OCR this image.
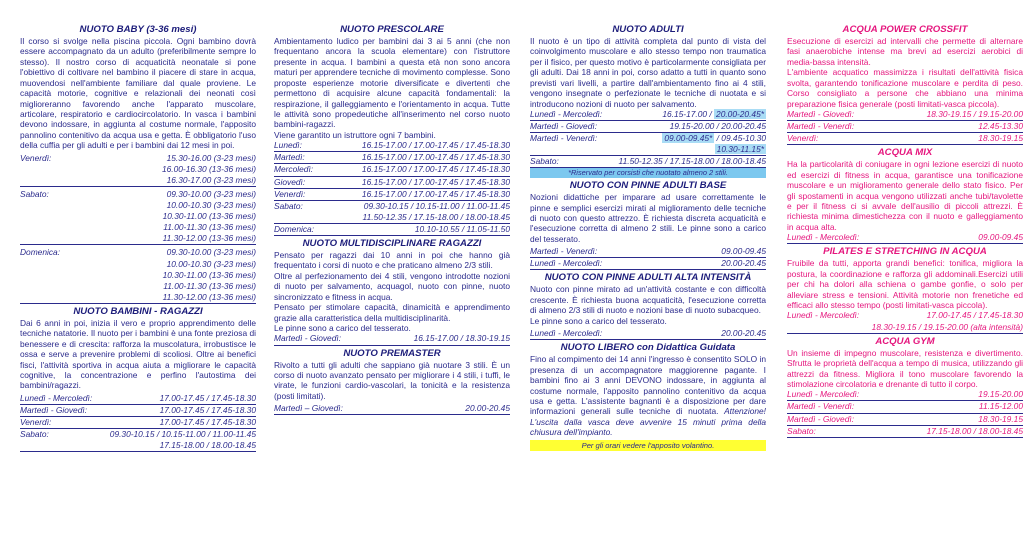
NUOTO BABY (3-36 mesi)

Il corso si svolge nella piscina piccola. Ogni bambino dovrà essere accompagnato da un adulto (preferibilmente sempre lo stesso). Il nostro corso di acquaticità neonatale si pone l'obiettivo di coltivare nel bambino il piacere di stare in acqua, muovendosi nell'ambiente familiare dal quale proviene. Le capacità motorie, cognitive e relazionali dei neonati così miglioreranno favorendo anche l'apparato muscolare, articolare, respiratorio e cardiocircolatorio. In vasca i bambini devono indossare, in aggiunta al costume normale, l'apposito pannolino contenitivo da acqua usa e getta. È obbligatorio l'uso della cuffia per gli adulti e per i bambini dai 12 mesi in poi.

Venerdì:	15.30-16.00 (3-23 mesi)
16.00-16.30 (13-36 mesi)
16.30-17.00 (3-23 mesi)
Sabato:	09.30-10.00 (3-23 mesi)
10.00-10.30 (3-23 mesi)
10.30-11.00 (13-36 mesi)
11.00-11.30 (13-36 mesi)
11.30-12.00 (13-36 mesi)
Domenica:	09.30-10.00 (3-23 mesi)
10.00-10.30 (3-23 mesi)
10.30-11.00 (13-36 mesi)
11.00-11.30 (13-36 mesi)
11.30-12.00 (13-36 mesi)
NUOTO BAMBINI - RAGAZZI

Dai 6 anni in poi, inizia il vero e proprio apprendimento delle tecniche natatorie. Il nuoto per i bambini è una fonte preziosa di benessere e di crescita: rafforza la muscolatura, irrobustisce le ossa e serve a prevenire problemi di scoliosi. Oltre ai benefici fisci, l'attività sportiva in acqua aiuta a migliorare le capacità cognitive, la concentrazione e perfino l'autostima dei bambini/ragazzi.

Lunedì - Mercoledì:	17.00-17.45 / 17.45-18.30
Martedì - Giovedì:	17.00-17.45 / 17.45-18.30
Venerdì:	17.00-17.45 / 17.45-18.30
Sabato:	09.30-10.15 / 10.15-11.00 / 11.00-11.45
17.15-18.00 / 18.00-18.45
NUOTO PRESCOLARE

Ambientamento ludico per bambini dai 3 ai 5 anni (che non frequentano ancora la scuola elementare) con l'istruttore presente in acqua. I bambini a questa età non sono ancora maturi per apprendere tecniche di movimento complesse. Sono proposte esperienze motorie diversificate e divertenti che permettono di acquisire alcune capacità fondamentali: la respirazione, il galleggiamento e l'orientamento in acqua. Tutte le attività sono propedeutiche all'inserimento nel corso nuoto bambini-ragazzi.

Viene garantito un istruttore ogni 7 bambini.

Lunedì:	16.15-17.00 / 17.00-17.45 / 17.45-18.30
Martedì:	16.15-17.00 / 17.00-17.45 / 17.45-18.30
Mercoledì:	16.15-17.00 / 17.00-17.45 / 17.45-18.30
Giovedì:	16.15-17.00 / 17.00-17.45 / 17.45-18.30
Venerdì:	16.15-17.00 / 17.00-17.45 / 17.45-18.30
Sabato:	09.30-10.15 / 10.15-11.00 / 11.00-11.45
11.50-12.35 / 17.15-18.00 / 18.00-18.45
Domenica:	10.10-10.55 / 11.05-11.50
NUOTO MULTIDISCIPLINARE RAGAZZI

Pensato per ragazzi dai 10 anni in poi che hanno già frequentato i corsi di nuoto e che praticano almeno 2/3 stili.

Oltre al perfezionamento dei 4 stili, vengono introdotte nozioni di nuoto per salvamento, acquagol, nuoto con pinne, nuoto sincronizzato e fitness in acqua.

Pensato per stimolare capacità, dinamicità e apprendimento grazie alla caratteristica della multidisciplinarità.

Le pinne sono a carico del tesserato.

Martedì - Giovedì:	16.15-17.00 / 18.30-19.15
NUOTO PREMASTER

Rivolto a tutti gli adulti che sappiano già nuotare 3 stili. È un corso di nuoto avanzato pensato per migliorare i 4 stili, i tuffi, le virate, le funzioni cardio-vascolari, la tonicità e la resistenza (posti limitati).

Martedì – Giovedì:	20.00-20.45
NUOTO ADULTI

Il nuoto è un tipo di attività completa dal punto di vista del coinvolgimento muscolare e allo stesso tempo non traumatica per il fisico, per questo motivo è particolarmente consigliata per gli adulti. Dai 18 anni in poi, corso adatto a tutti in quanto sono previsti vari livelli, a partire dall'ambientamento fino ai 4 stili, vengono insegnate o perfezionate le tecniche di nuotata e si introducono nozioni di nuoto per salvamento.

Lunedì - Mercoledì:	16.15-17.00 / 20.00-20.45*
Martedì - Giovedì:	19.15-20.00 / 20.00-20.45
Martedì - Venerdì:	09.00-09.45* / 09.45-10.30
10.30-11.15*
Sabato:	11.50-12.35 / 17.15-18.00 / 18.00-18.45
*Riservato per corsisti che nuotato almeno 2 stili.
NUOTO CON PINNE ADULTI BASE

Nozioni didattiche per imparare ad usare correttamente le pinne e semplici esercizi mirati al miglioramento delle tecniche di nuoto con questo attrezzo. È richiesta discreta acquaticità e l'esecuzione corretta di almeno 2 stili. Le pinne sono a carico del tesserato.

Martedì - Venerdì:	09.00-09.45
Lunedì - Mercoledì:	20.00-20.45
NUOTO CON PINNE ADULTI ALTA INTENSITÀ

Nuoto con pinne mirato ad un'attività costante e con difficoltà crescente. È richiesta buona acquaticità, l'esecuzione corretta di almeno 2/3 stili di nuoto e nozioni base di nuoto subacqueo.

Le pinne sono a carico del tesserato.

Lunedì - Mercoledì:	20.00-20.45
NUOTO LIBERO con Didattica Guidata

Fino al compimento dei 14 anni l'ingresso è consentito SOLO in presenza di un accompagnatore maggiorenne pagante. I bambini fino ai 3 anni DEVONO indossare, in aggiunta al costume normale, l'apposito pannolino contenitivo da acqua usa e getta. L'assistente bagnanti è a disposizione per dare informazioni generali sulle tecniche di nuotata. Attenzione! L'uscita dalla vasca deve avvenire 15 minuti prima della chiusura dell'impianto.

Per gli orari vedere l'apposito volantino.
ACQUA POWER CROSSFIT

Esecuzione di esercizi ad intervalli che permette di alternare fasi anaerobiche intense ma brevi ad esercizi aerobici di media-bassa intensità.

L'ambiente acquatico massimizza i risultati dell'attività fisica svolta, garantendo tonificazione muscolare e perdita di peso. Corso consigliato a persone che abbiano una minima preparazione fisica generale (posti limitati-vasca piccola).

Martedì - Giovedì:	18.30-19.15 / 19.15-20.00
Martedì - Venerdì:	12.45-13.30
Venerdì:	18.30-19.15
ACQUA MIX

Ha la particolarità di coniugare in ogni lezione esercizi di nuoto ed esercizi di fitness in acqua, garantisce una tonificazione muscolare e un miglioramento generale dello stato fisico. Per gli spostamenti in acqua vengono utilizzati anche tubi/tavolette e per il fitness ci si avvale dell'ausilio di piccoli attrezzi. È richiesta minima dimestichezza con il nuoto e galleggiamento in acqua alta.

Lunedì - Mercoledì:	09.00-09.45
PILATES E STRETCHING IN ACQUA

Fruibile da tutti, apporta grandi benefici: tonifica, migliora la postura, la coordinazione e rafforza gli addominali.Esercizi utili per chi ha dolori alla schiena o gambe gonfie, o solo per alleviare stress e tensioni. Attività motorie non frenetiche ed efficaci allo stesso tempo (posti limitati-vasca piccola).

Lunedì - Mercoledì:	17.00-17.45 / 17.45-18.30
18.30-19.15 / 19.15-20.00 (alta intensità)
ACQUA GYM

Un insieme di impegno muscolare, resistenza e divertimento. Sfrutta le proprietà dell'acqua a tempo di musica, utilizzando gli attrezzi da fitness. Migliora il tono muscolare favorendo la stimolazione circolatoria e drenante di tutto il corpo.

Lunedì - Mercoledì:	19.15-20.00
Martedì - Venerdì:	11.15-12.00
Martedì - Giovedì:	18.30-19.15
Sabato:	17.15-18.00 / 18.00-18.45
